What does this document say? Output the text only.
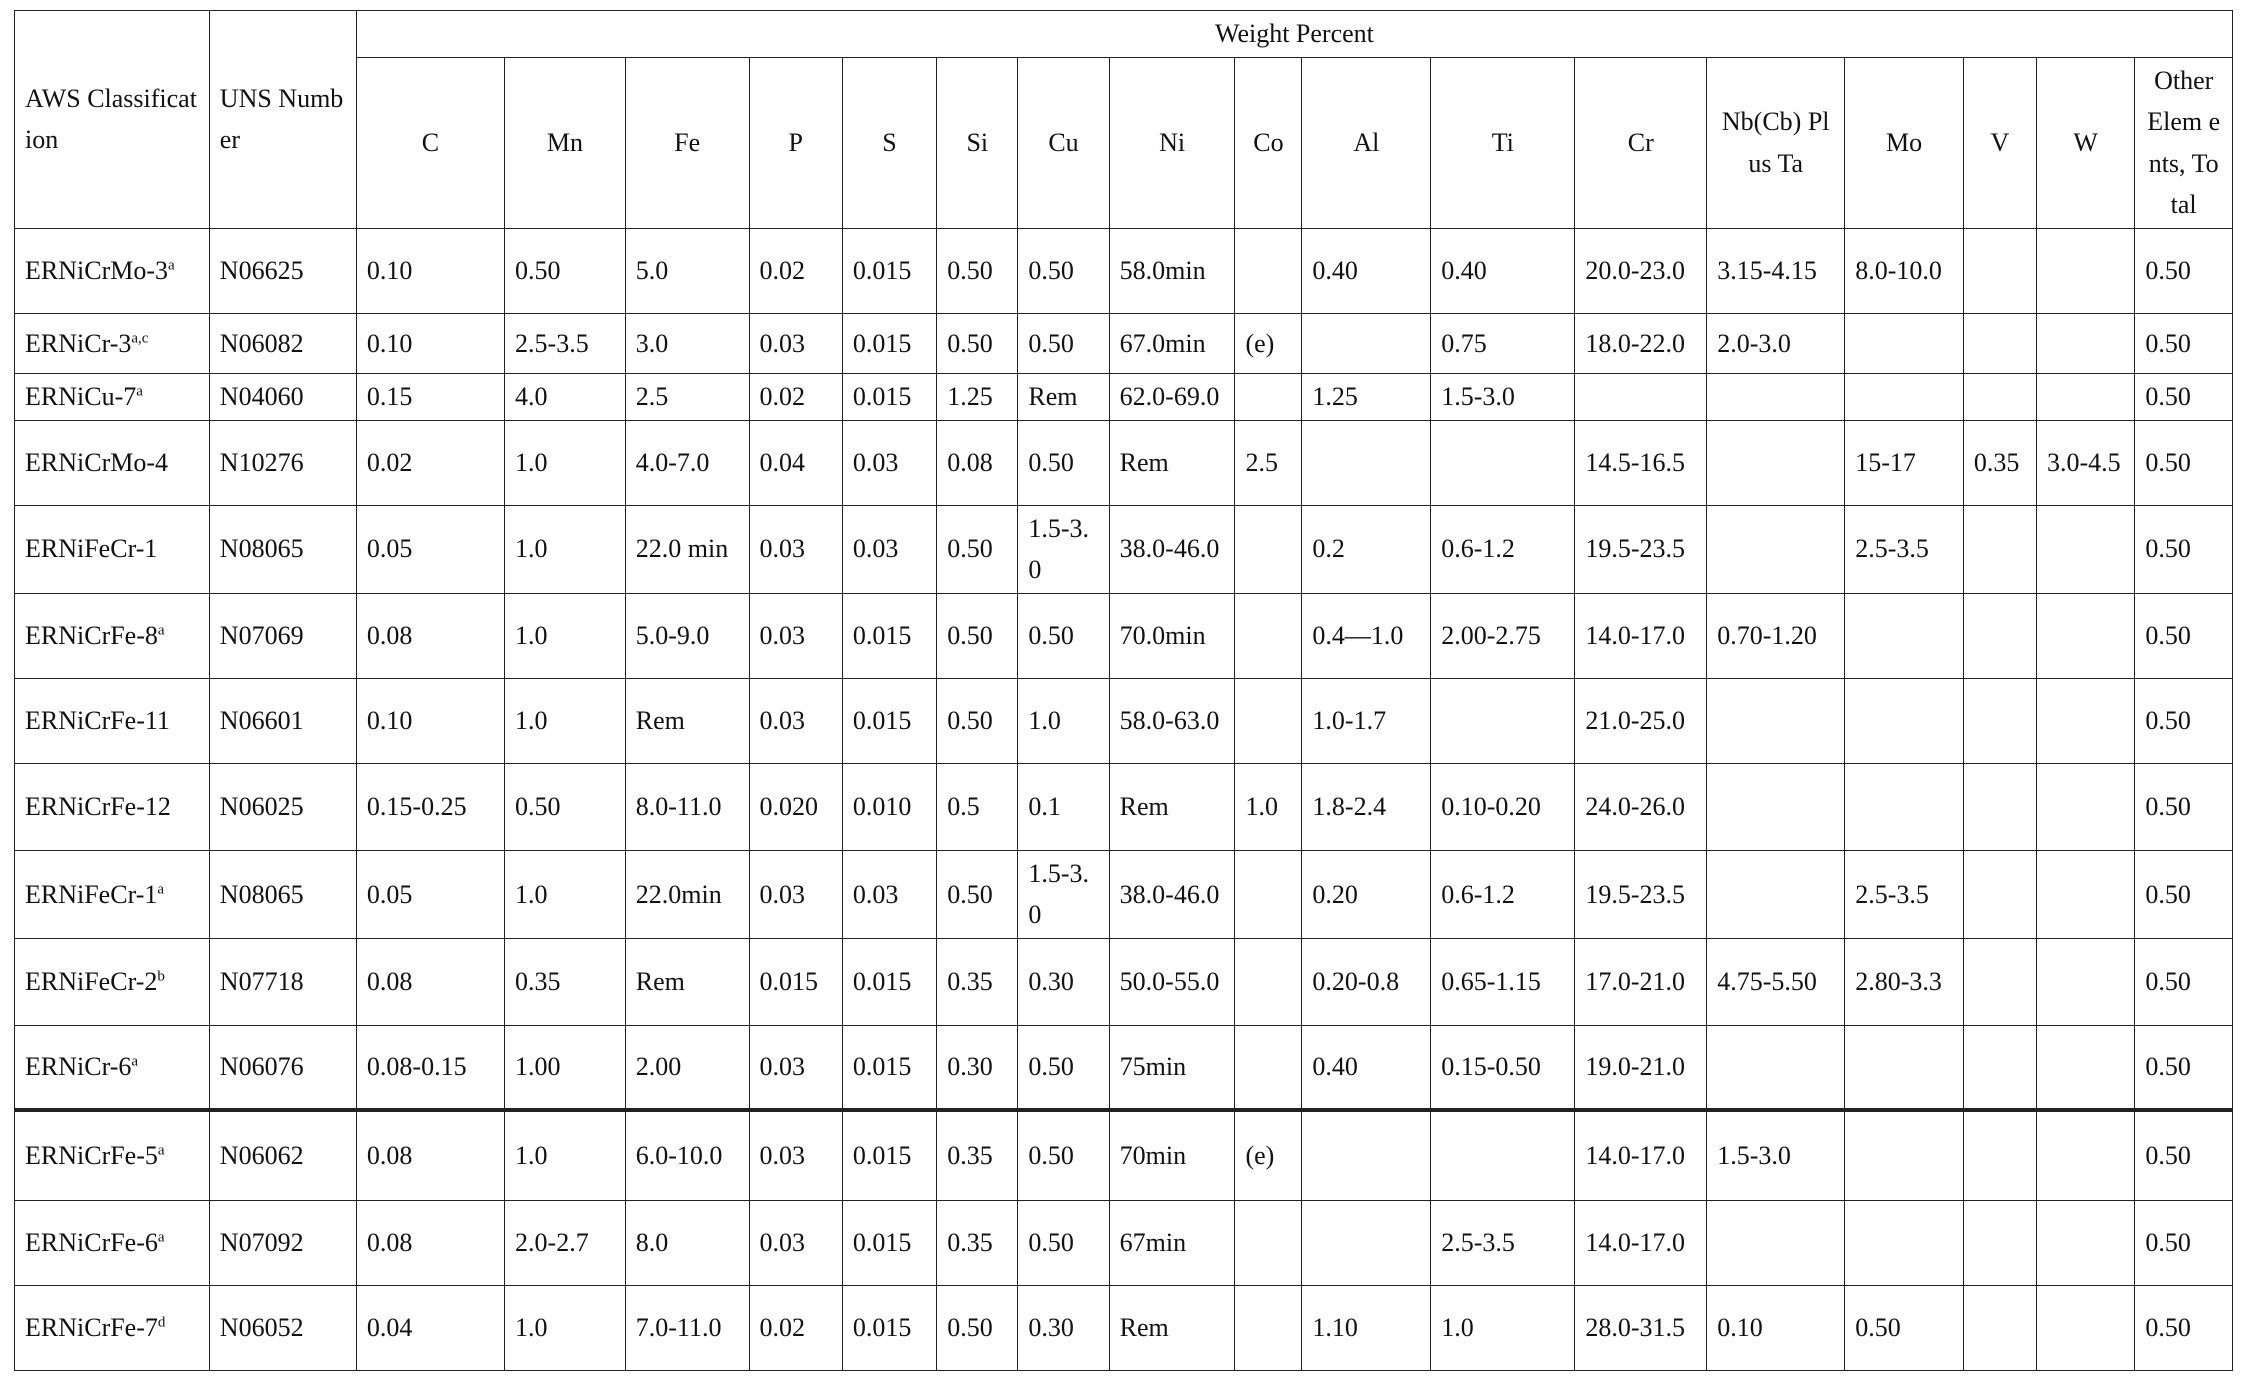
AWS Classification	UNS Number	Weight Percent																
		C	Mn	Fe	P	S	Si	Cu	Ni	Co	Al	Ti	Cr	Nb(Cb) Plus Ta	Mo	V	W	Other Elem ents, Total
ERNiCrMo-3$^a$	N06625	0.10	0.50	5.0	0.02	0.015	0.50	0.50	58.0min		0.40	0.40	20.0-23.0	3.15-4.15	8.0-10.0			0.50
ERNiCr-3$^{a,c}$	N06082	0.10	2.5-3.5	3.0	0.03	0.015	0.50	0.50	67.0min	(e)		0.75	18.0-22.0	2.0-3.0				0.50
ERNiCu-7$^a$	N04060	0.15	4.0	2.5	0.02	0.015	1.25	Rem	62.0-69.0		1.25	1.5-3.0						0.50
ERNiCrMo-4	N10276	0.02	1.0	4.0-7.0	0.04	0.03	0.08	0.50	Rem	2.5			14.5-16.5		15-17	0.35	3.0-4.5	0.50
ERNiFeCr-1	N08065	0.05	1.0	22.0 min	0.03	0.03	0.50	1.5-3.0	38.0-46.0		0.2	0.6-1.2	19.5-23.5		2.5-3.5			0.50
ERNiCrFe-8$^a$	N07069	0.08	1.0	5.0-9.0	0.03	0.015	0.50	0.50	70.0min		0.4—1.0	2.00-2.75	14.0-17.0	0.70-1.20				0.50
ERNiCrFe-11	N06601	0.10	1.0	Rem	0.03	0.015	0.50	1.0	58.0-63.0		1.0-1.7		21.0-25.0					0.50
ERNiCrFe-12	N06025	0.15-0.25	0.50	8.0-11.0	0.020	0.010	0.5	0.1	Rem	1.0	1.8-2.4	0.10-0.20	24.0-26.0					0.50
ERNiFeCr-1$^a$	N08065	0.05	1.0	22.0min	0.03	0.03	0.50	1.5-3.0	38.0-46.0		0.20	0.6-1.2	19.5-23.5		2.5-3.5			0.50
ERNiFeCr-2$^b$	N07718	0.08	0.35	Rem	0.015	0.015	0.35	0.30	50.0-55.0		0.20-0.8	0.65-1.15	17.0-21.0	4.75-5.50	2.80-3.3			0.50
ERNiCr-6$^a$	N06076	0.08-0.15	1.00	2.00	0.03	0.015	0.30	0.50	75min		0.40	0.15-0.50	19.0-21.0					0.50
ERNiCrFe-5$^a$	N06062	0.08	1.0	6.0-10.0	0.03	0.015	0.35	0.50	70min	(e)			14.0-17.0	1.5-3.0				0.50
ERNiCrFe-6$^a$	N07092	0.08	2.0-2.7	8.0	0.03	0.015	0.35	0.50	67min			2.5-3.5	14.0-17.0					0.50
ERNiCrFe-7$^d$	N06052	0.04	1.0	7.0-11.0	0.02	0.015	0.50	0.30	Rem		1.10	1.0	28.0-31.5	0.10	0.50			0.50
